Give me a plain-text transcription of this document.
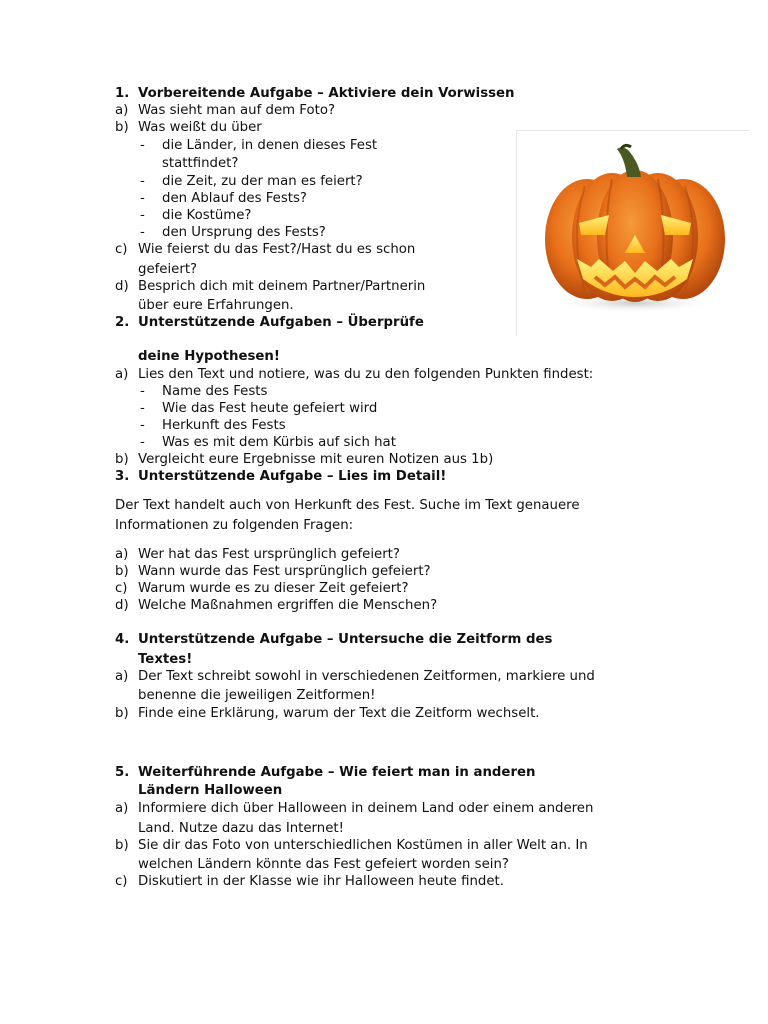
1. Vorbereitende Aufgabe – Aktiviere dein Vorwissen
a) Was sieht man auf dem Foto?
b) Was weißt du über
- die Länder, in denen dieses Fest
stattfindet?
- die Zeit, zu der man es feiert?
- den Ablauf des Fests?
- die Kostüme?
- den Ursprung des Fests?
c) Wie feierst du das Fest?/Hast du es schon
gefeiert?
d) Besprich dich mit deinem Partner/Partnerin
über eure Erfahrungen.
2. Unterstützende Aufgaben – Überprüfe
deine Hypothesen!
a) Lies den Text und notiere, was du zu den folgenden Punkten findest:
- Name des Fests
- Wie das Fest heute gefeiert wird
- Herkunft des Fests
- Was es mit dem Kürbis auf sich hat
b) Vergleicht eure Ergebnisse mit euren Notizen aus 1b)
3. Unterstützende Aufgabe – Lies im Detail!
Der Text handelt auch von Herkunft des Fest. Suche im Text genauere
Informationen zu folgenden Fragen:
a) Wer hat das Fest ursprünglich gefeiert?
b) Wann wurde das Fest ursprünglich gefeiert?
c) Warum wurde es zu dieser Zeit gefeiert?
d) Welche Maßnahmen ergriffen die Menschen?
4. Unterstützende Aufgabe – Untersuche die Zeitform des
Textes!
a) Der Text schreibt sowohl in verschiedenen Zeitformen, markiere und
benenne die jeweiligen Zeitformen!
b) Finde eine Erklärung, warum der Text die Zeitform wechselt.
5. Weiterführende Aufgabe – Wie feiert man in anderen
Ländern Halloween
a) Informiere dich über Halloween in deinem Land oder einem anderen
Land. Nutze dazu das Internet!
b) Sie dir das Foto von unterschiedlichen Kostümen in aller Welt an. In
welchen Ländern könnte das Fest gefeiert worden sein?
c) Diskutiert in der Klasse wie ihr Halloween heute findet.
